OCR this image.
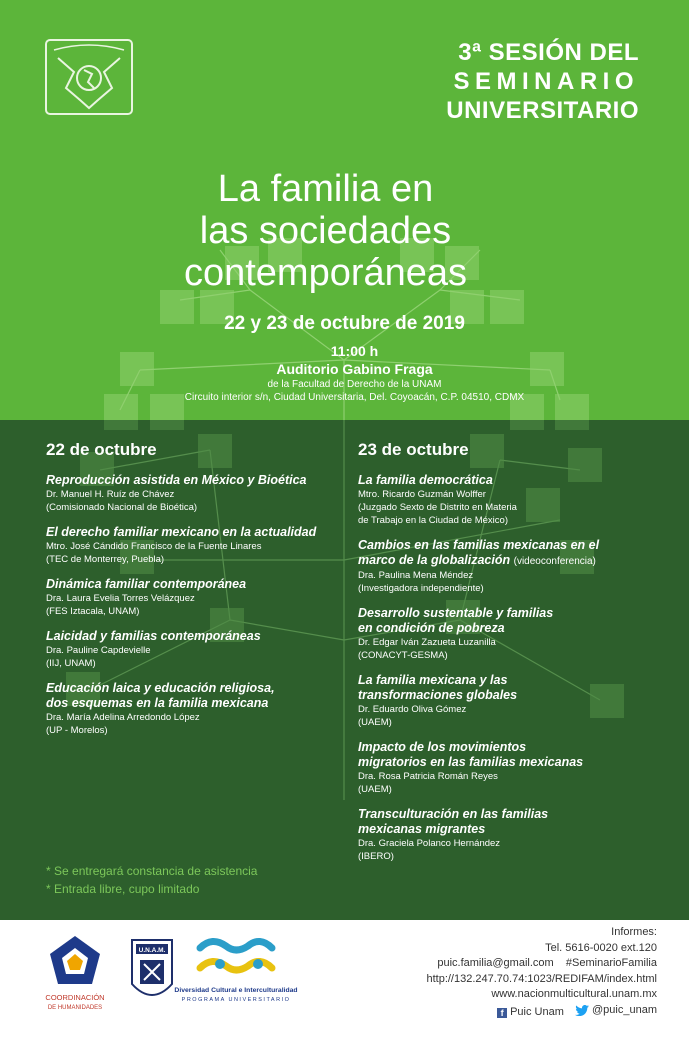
3ª SESIÓN DEL
SEMINARIO
UNIVERSITARIO
La familia en
las sociedades
contemporáneas
22 y 23 de octubre de 2019
11:00 h
Auditorio Gabino Fraga
de la Facultad de Derecho de la UNAM
Circuito interior s/n, Ciudad Universitaria, Del. Coyoacán, C.P. 04510, CDMX
22 de octubre
Reproducción asistida en México y Bioética
Dr. Manuel H. Ruíz de Chávez
(Comisionado Nacional de Bioética)
El derecho familiar mexicano en la actualidad
Mtro. José Cándido Francisco de la Fuente Linares
(TEC de Monterrey, Puebla)
Dinámica familiar contemporánea
Dra. Laura Evelia Torres Velázquez
(FES Iztacala, UNAM)
Laicidad y familias contemporáneas
Dra. Pauline Capdevielle
(IIJ, UNAM)
Educación laica y educación religiosa,
dos esquemas en la familia mexicana
Dra. María Adelina Arredondo López
(UP - Morelos)
23 de octubre
La familia democrática
Mtro. Ricardo Guzmán Wolffer
(Juzgado Sexto de Distrito en Materia
de Trabajo en la Ciudad de México)
Cambios en las familias mexicanas en el
marco de la globalización (videoconferencia)
Dra. Paulina Mena Méndez
(Investigadora independiente)
Desarrollo sustentable y familias
en condición de pobreza
Dr. Edgar Iván Zazueta Luzanilla
(CONACYT-GESMA)
La familia mexicana y las
transformaciones globales
Dr. Eduardo Oliva Gómez
(UAEM)
Impacto de los movimientos
migratorios en las familias mexicanas
Dra. Rosa Patricia Román Reyes
(UAEM)
Transculturación en las familias
mexicanas migrantes
Dra. Graciela Polanco Hernández
(IBERO)
* Se entregará constancia de asistencia
* Entrada libre, cupo limitado
COORDINACIÓN
DE HUMANIDADES
U.N.A.M.
Diversidad Cultural e Interculturalidad
PROGRAMA UNIVERSITARIO
Informes:
Tel. 5616-0020 ext.120
puic.familia@gmail.com #SeminarioFamilia
http://132.247.70.74:1023/REDIFAM/index.html
www.nacionmulticultural.unam.mx
f Puic Unam

	@puic_unam
